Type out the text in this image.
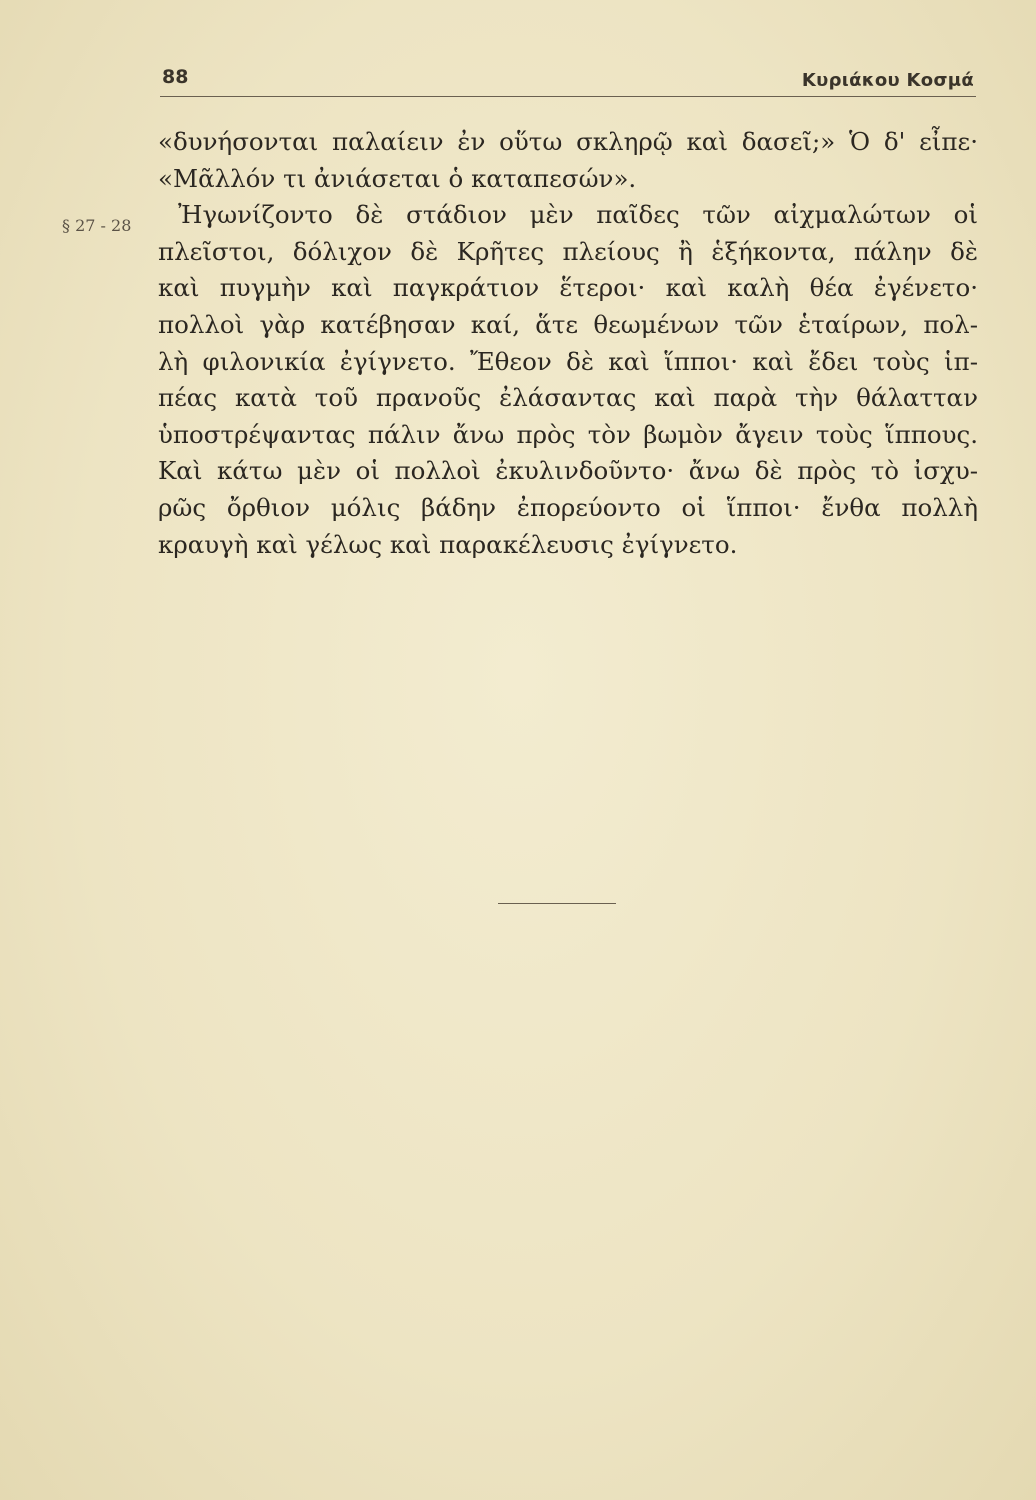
88	Κυριάκου Κοσμά
§ 27 - 28
«δυνήσονται παλαίειν ἐν οὕτω σκληρῷ καὶ δασεῖ;» Ὁ δ' εἶπε·
«Μᾶλλόν τι ἀνιάσεται ὁ καταπεσών».
Ἠγωνίζοντο δὲ στάδιον μὲν παῖδες τῶν αἰχμαλώτων οἱ
πλεῖστοι, δόλιχον δὲ Κρῆτες πλείους ἢ ἑξήκοντα, πάλην δὲ
καὶ πυγμὴν καὶ παγκράτιον ἕτεροι· καὶ καλὴ θέα ἐγένετο·
πολλοὶ γὰρ κατέβησαν καί, ἅτε θεωμένων τῶν ἑταίρων, πολ-
λὴ φιλονικία ἐγίγνετο. Ἔθεον δὲ καὶ ἵπποι· καὶ ἔδει τοὺς ἱπ-
πέας κατὰ τοῦ πρανοῦς ἐλάσαντας καὶ παρὰ τὴν θάλατταν
ὑποστρέψαντας πάλιν ἄνω πρὸς τὸν βωμὸν ἄγειν τοὺς ἵππους.
Καὶ κάτω μὲν οἱ πολλοὶ ἐκυλινδοῦντο· ἄνω δὲ πρὸς τὸ ἰσχυ-
ρῶς ὄρθιον μόλις βάδην ἐπορεύοντο οἱ ἵπποι· ἔνθα πολλὴ
κραυγὴ καὶ γέλως καὶ παρακέλευσις ἐγίγνετο.
